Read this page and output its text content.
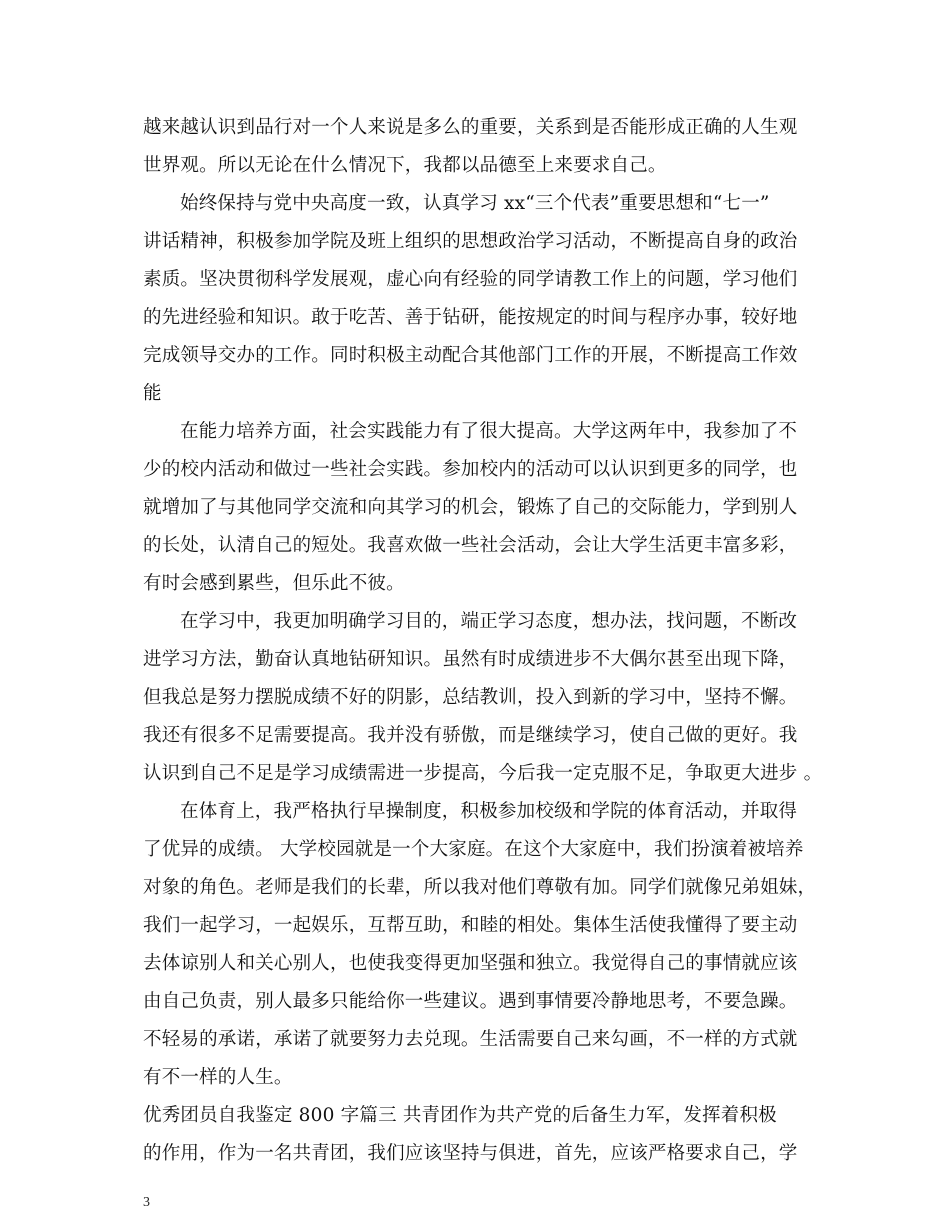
越来越认识到品行对一个人来说是多么的重要，关系到是否能形成正确的人生观
世界观。所以无论在什么情况下，我都以品德至上来要求自己。
始终保持与党中央高度一致，认真学习 xx“三个代表”重要思想和“七一”
讲话精神，积极参加学院及班上组织的思想政治学习活动，不断提高自身的政治
素质。坚决贯彻科学发展观，虚心向有经验的同学请教工作上的问题，学习他们
的先进经验和知识。敢于吃苦、善于钻研，能按规定的时间与程序办事，较好地
完成领导交办的工作。同时积极主动配合其他部门工作的开展，不断提高工作效
能
在能力培养方面，社会实践能力有了很大提高。大学这两年中，我参加了不
少的校内活动和做过一些社会实践。参加校内的活动可以认识到更多的同学，也
就增加了与其他同学交流和向其学习的机会，锻炼了自己的交际能力，学到别人
的长处，认清自己的短处。我喜欢做一些社会活动，会让大学生活更丰富多彩，
有时会感到累些，但乐此不彼。
在学习中，我更加明确学习目的，端正学习态度，想办法，找问题，不断改
进学习方法，勤奋认真地钻研知识。虽然有时成绩进步不大偶尔甚至出现下降，
但我总是努力摆脱成绩不好的阴影，总结教训，投入到新的学习中，坚持不懈。
我还有很多不足需要提高。我并没有骄傲，而是继续学习，使自己做的更好。我
认识到自己不足是学习成绩需进一步提高，今后我一定克服不足，争取更大进步 。
在体育上，我严格执行早操制度，积极参加校级和学院的体育活动，并取得
了优异的成绩。 大学校园就是一个大家庭。在这个大家庭中，我们扮演着被培养
对象的角色。老师是我们的长辈，所以我对他们尊敬有加。同学们就像兄弟姐妹，
我们一起学习，一起娱乐，互帮互助，和睦的相处。集体生活使我懂得了要主动
去体谅别人和关心别人，也使我变得更加坚强和独立。我觉得自己的事情就应该
由自己负责，别人最多只能给你一些建议。遇到事情要冷静地思考，不要急躁。
不轻易的承诺，承诺了就要努力去兑现。生活需要自己来勾画，不一样的方式就
有不一样的人生。
优秀团员自我鉴定 800 字篇三 共青团作为共产党的后备生力军，发挥着积极
的作用，作为一名共青团，我们应该坚持与俱进，首先，应该严格要求自己，学
3
